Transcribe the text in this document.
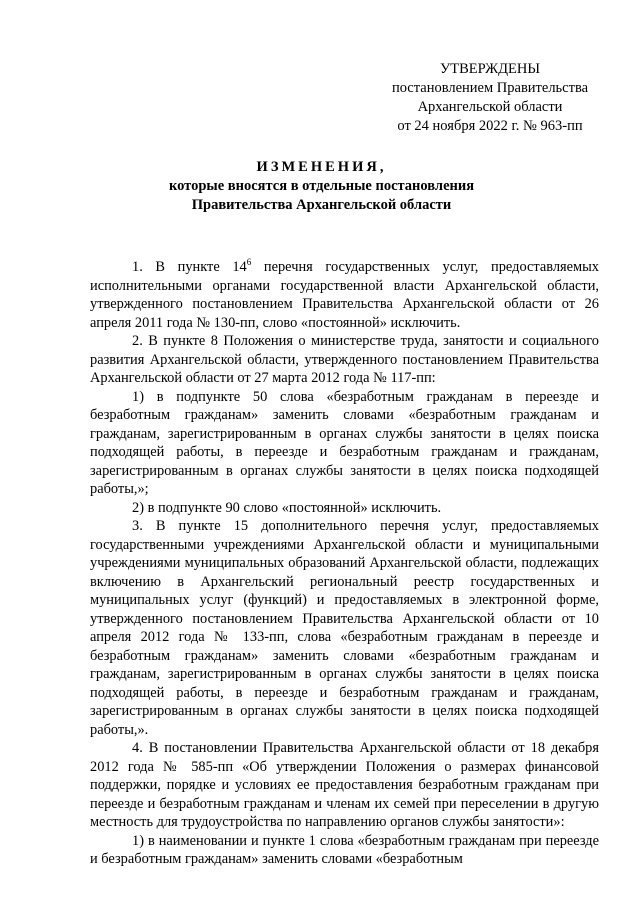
УТВЕРЖДЕНЫ
постановлением Правительства
Архангельской области
от 24 ноября 2022 г. № 963-пп
ИЗМЕНЕНИЯ,
которые вносятся в отдельные постановления
Правительства Архангельской области

1. В пункте $14^6$ перечня государственных услуг, предоставляемых исполнительными органами государственной власти Архангельской области, утвержденного постановлением Правительства Архангельской области от 26 апреля 2011 года № 130-пп, слово «постоянной» исключить.

2. В пункте 8 Положения о министерстве труда, занятости и социального развития Архангельской области, утвержденного постановлением Правительства Архангельской области от 27 марта 2012 года № 117-пп:

1) в подпункте 50 слова «безработным гражданам в переезде и безработным гражданам» заменить словами «безработным гражданам и гражданам, зарегистрированным в органах службы занятости в целях поиска подходящей работы, в переезде и безработным гражданам и гражданам, зарегистрированным в органах службы занятости в целях поиска подходящей работы,»;

2) в подпункте 90 слово «постоянной» исключить.

3. В пункте 15 дополнительного перечня услуг, предоставляемых государственными учреждениями Архангельской области и муниципальными учреждениями муниципальных образований Архангельской области, подлежащих включению в Архангельский региональный реестр государственных и муниципальных услуг (функций) и предоставляемых в электронной форме, утвержденного постановлением Правительства Архангельской области от 10 апреля 2012 года № 133-пп, слова «безработным гражданам в переезде и безработным гражданам» заменить словами «безработным гражданам и гражданам, зарегистрированным в органах службы занятости в целях поиска подходящей работы, в переезде и безработным гражданам и гражданам, зарегистрированным в органах службы занятости в целях поиска подходящей работы,».

4. В постановлении Правительства Архангельской области от 18 декабря 2012 года № 585-пп «Об утверждении Положения о размерах финансовой поддержки, порядке и условиях ее предоставления безработным гражданам при переезде и безработным гражданам и членам их семей при переселении в другую местность для трудоустройства по направлению органов службы занятости»:

1) в наименовании и пункте 1 слова «безработным гражданам при переезде и безработным гражданам» заменить словами «безработным
